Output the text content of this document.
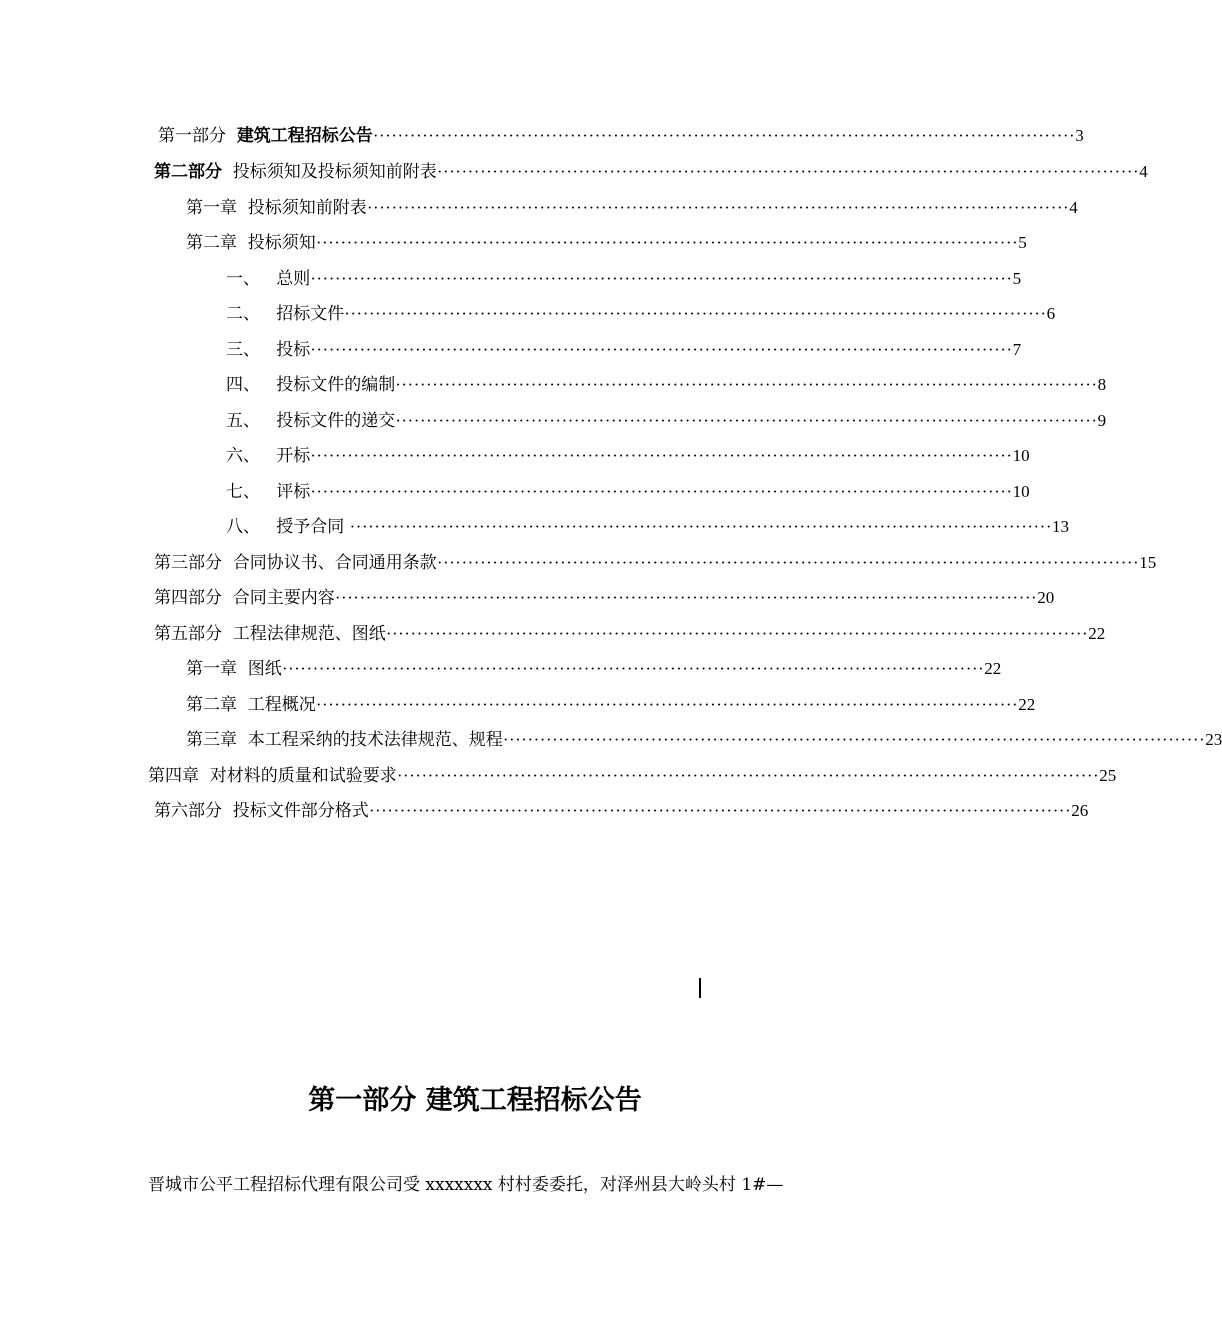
第一部分  建筑工程招标公告 ·················································································································· 3
第二部分  投标须知及投标须知前附表 ·················································································································· 4
第一章  投标须知前附表 ·················································································································· 4
第二章  投标须知 ·················································································································· 5
一、   总则 ·················································································································· 5
二、   招标文件 ·················································································································· 6
三、   投标 ·················································································································· 7
四、   投标文件的编制 ·················································································································· 8
五、   投标文件的递交 ·················································································································· 9
六、   开标 ·················································································································· 10
七、   评标 ·················································································································· 10
八、   授予合同 ·················································································································· 13
第三部分  合同协议书、合同通用条款 ·················································································································· 15
第四部分  合同主要内容 ·················································································································· 20
第五部分  工程法律规范、图纸 ·················································································································· 22
第一章  图纸 ·················································································································· 22
第二章  工程概况 ·················································································································· 22
第三章  本工程采纳的技术法律规范、规程 ·················································································································· 23
第四章  对材料的质量和试验要求 ·················································································································· 25
第六部分  投标文件部分格式 ·················································································································· 26
第一部分 建筑工程招标公告
晋城市公平工程招标代理有限公司受 xxxxxxx 村村委委托，对泽州县大岭头村 1#—
